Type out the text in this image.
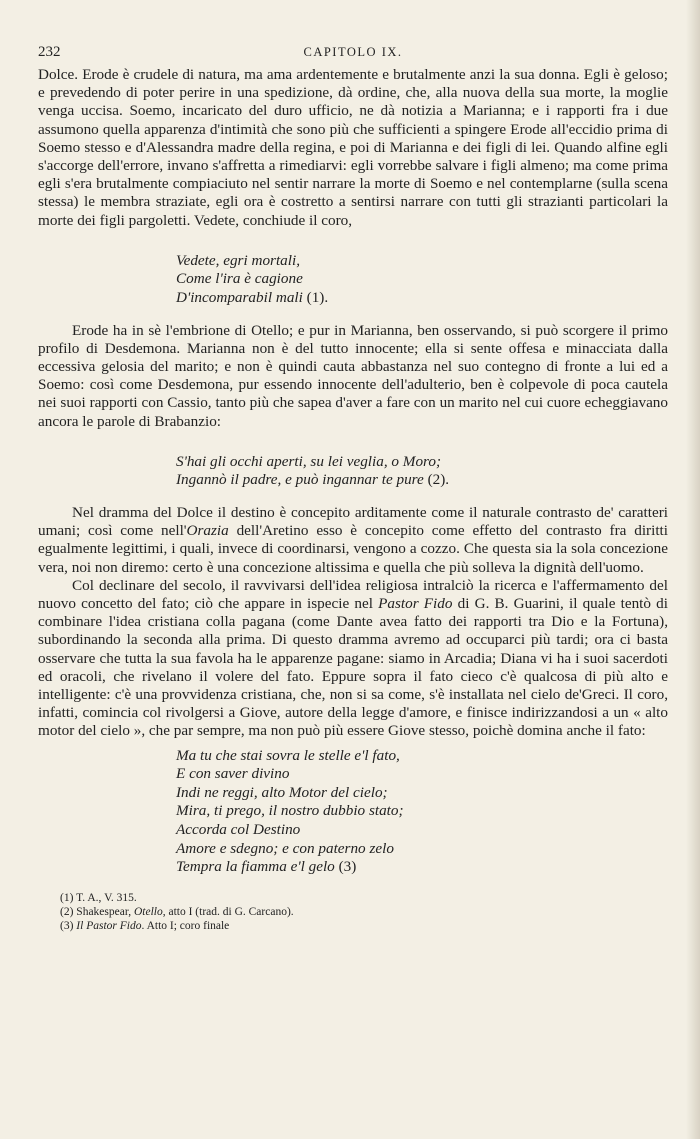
232	CAPITOLO IX.

Dolce. Erode è crudele di natura, ma ama ardentemente e brutalmente anzi la sua donna. Egli è geloso; e prevedendo di poter perire in una spedizione, dà ordine, che, alla nuova della sua morte, la moglie venga uccisa. Soemo, incaricato del duro ufficio, ne dà notizia a Marianna; e i rapporti fra i due assumono quella apparenza d'intimità che sono più che sufficienti a spingere Erode all'eccidio prima di Soemo stesso e d'Alessandra madre della regina, e poi di Marianna e dei figli di lei. Quando alfine egli s'accorge dell'errore, invano s'affretta a rimediarvi: egli vorrebbe salvare i figli almeno; ma come prima egli s'era brutalmente compiaciuto nel sentir narrare la morte di Soemo e nel contemplarne (sulla scena stessa) le membra straziate, egli ora è costretto a sentirsi narrare con tutti gli strazianti particolari la morte dei figli pargoletti. Vedete, conchiude il coro,

Vedete, egri mortali,
Come l'ira è cagione
D'incomparabil mali (1).

Erode ha in sè l'embrione di Otello; e pur in Marianna, ben osservando, si può scorgere il primo profilo di Desdemona. Marianna non è del tutto innocente; ella si sente offesa e minacciata dalla eccessiva gelosia del marito; e non è quindi cauta abbastanza nel suo contegno di fronte a lui ed a Soemo: così come Desdemona, pur essendo innocente dell'adulterio, ben è colpevole di poca cautela nei suoi rapporti con Cassio, tanto più che sapea d'aver a fare con un marito nel cui cuore echeggiavano ancora le parole di Brabanzio:

S'hai gli occhi aperti, su lei veglia, o Moro;
Ingannò il padre, e può ingannar te pure (2).

Nel dramma del Dolce il destino è concepito arditamente come il naturale contrasto de' caratteri umani; così come nell'Orazia dell'Aretino esso è concepito come effetto del contrasto fra diritti egualmente legittimi, i quali, invece di coordinarsi, vengono a cozzo. Che questa sia la sola concezione vera, noi non diremo: certo è una concezione altissima e quella che più solleva la dignità dell'uomo.

Col declinare del secolo, il ravvivarsi dell'idea religiosa intralciò la ricerca e l'affermamento del nuovo concetto del fato; ciò che appare in ispecie nel Pastor Fido di G. B. Guarini, il quale tentò di combinare l'idea cristiana colla pagana (come Dante avea fatto dei rapporti tra Dio e la Fortuna), subordinando la seconda alla prima. Di questo dramma avremo ad occuparci più tardi; ora ci basta osservare che tutta la sua favola ha le apparenze pagane: siamo in Arcadia; Diana vi ha i suoi sacerdoti ed oracoli, che rivelano il volere del fato. Eppure sopra il fato cieco c'è qualcosa di più alto e intelligente: c'è una provvidenza cristiana, che, non si sa come, s'è installata nel cielo de'Greci. Il coro, infatti, comincia col rivolgersi a Giove, autore della legge d'amore, e finisce indirizzandosi a un « alto motor del cielo », che par sempre, ma non può più essere Giove stesso, poichè domina anche il fato:

Ma tu che stai sovra le stelle e'l fato,
E con saver divino
Indi ne reggi, alto Motor del cielo;
Mira, ti prego, il nostro dubbio stato;
Accorda col Destino
Amore e sdegno; e con paterno zelo
Tempra la fiamma e'l gelo (3)
(1) T. A., V. 315.
(2) Shakespear, Otello, atto I (trad. di G. Carcano).
(3) Il Pastor Fido. Atto I; coro finale
